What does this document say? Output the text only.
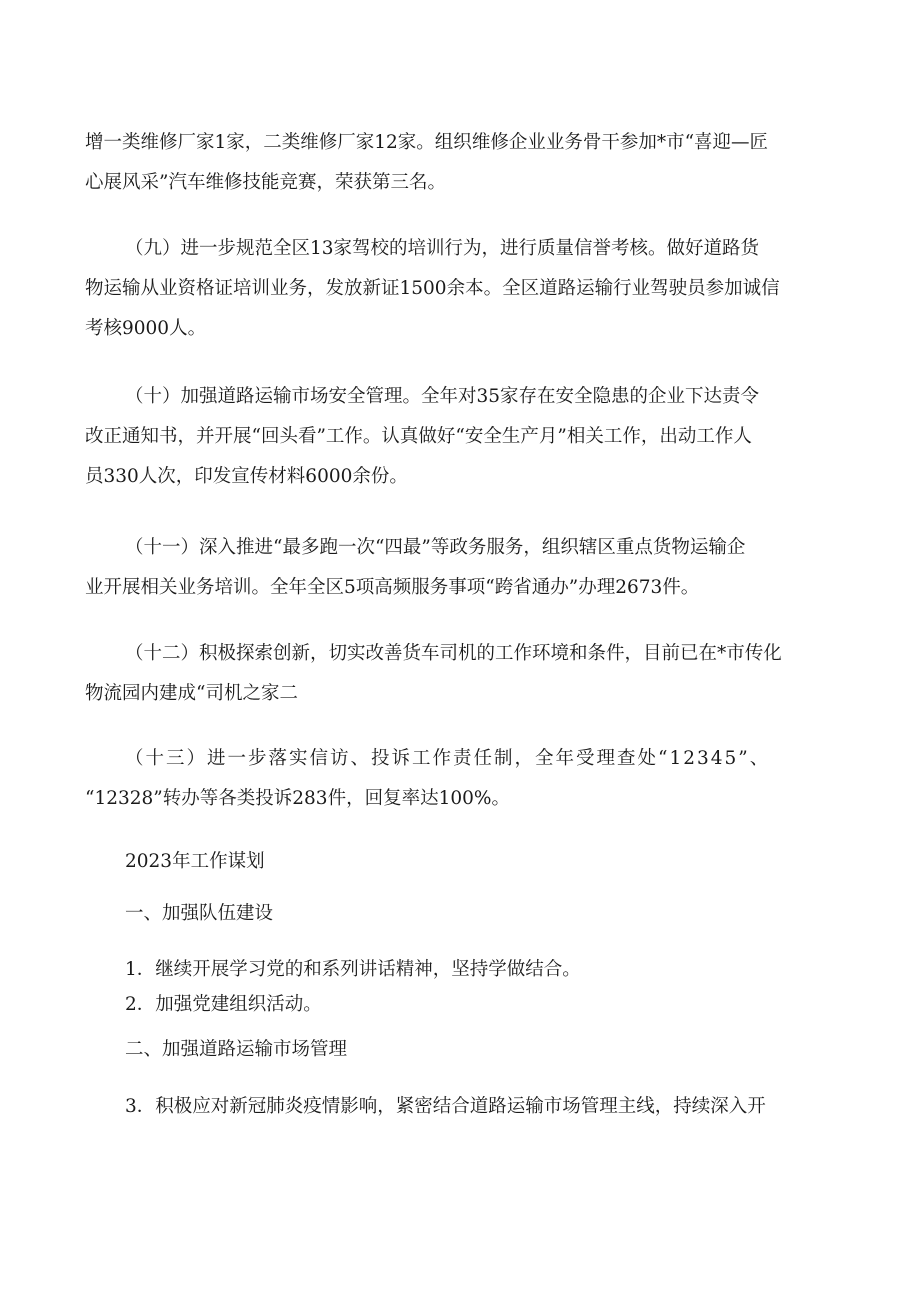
增一类维修厂家1家，二类维修厂家12家。组织维修企业业务骨干参加*市“喜迎—匠
心展风采”汽车维修技能竞赛，荣获第三名。
（九）进一步规范全区13家驾校的培训行为，进行质量信誉考核。做好道路货
物运输从业资格证培训业务，发放新证1500余本。全区道路运输行业驾驶员参加诚信
考核9000人。
（十）加强道路运输市场安全管理。全年对35家存在安全隐患的企业下达责令
改正通知书，并开展“回头看”工作。认真做好“安全生产月”相关工作，出动工作人
员330人次，印发宣传材料6000余份。
（十一）深入推进“最多跑一次“四最”等政务服务，组织辖区重点货物运输企
业开展相关业务培训。全年全区5项高频服务事项“跨省通办”办理2673件。
（十二）积极探索创新，切实改善货车司机的工作环境和条件，目前已在*市传化
物流园内建成“司机之家二
（十三）进一步落实信访、投诉工作责任制，全年受理查处“12345”、
“12328”转办等各类投诉283件，回复率达100%。
2023年工作谋划
一、加强队伍建设
1．继续开展学习党的和系列讲话精神，坚持学做结合。
2．加强党建组织活动。
二、加强道路运输市场管理
3．积极应对新冠肺炎疫情影响，紧密结合道路运输市场管理主线，持续深入开
